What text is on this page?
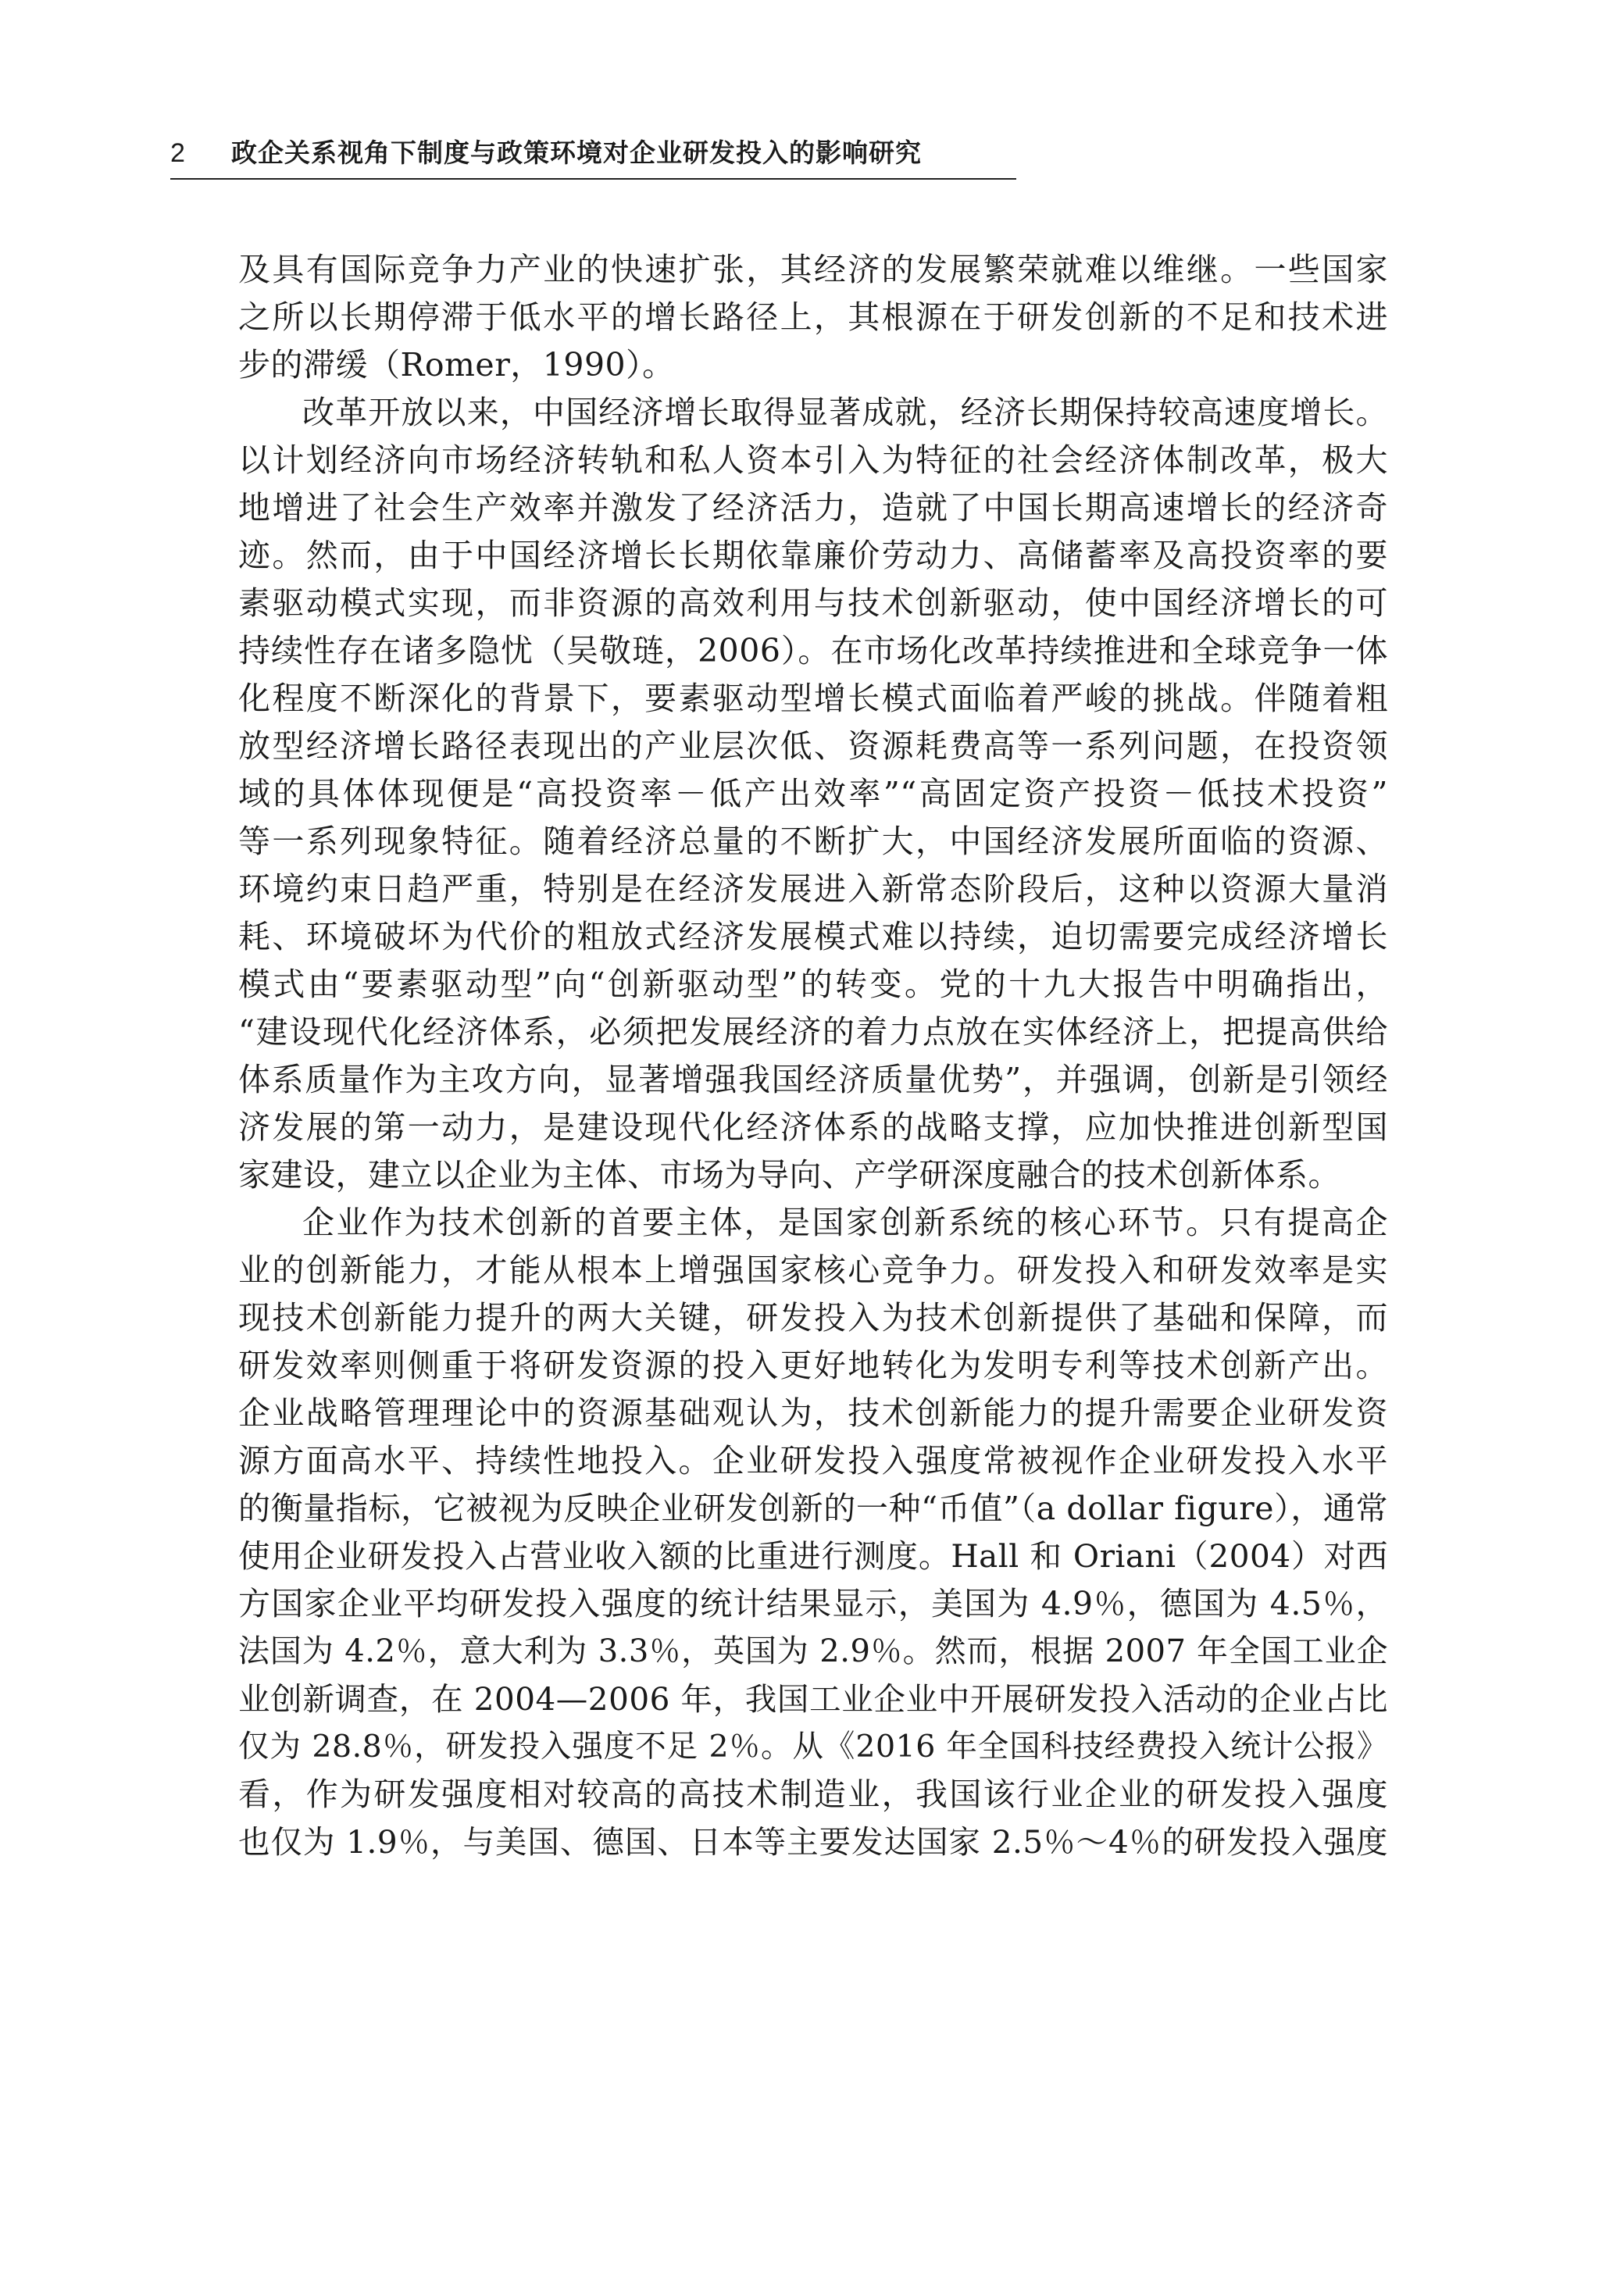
2 政企关系视角下制度与政策环境对企业研发投入的影响研究
及具有国际竞争力产业的快速扩张，其经济的发展繁荣就难以维继。一些国家
之所以长期停滞于低水平的增长路径上，其根源在于研发创新的不足和技术进
步的滞缓（Romer，1990）。
改革开放以来，中国经济增长取得显著成就，经济长期保持较高速度增长。
以计划经济向市场经济转轨和私人资本引入为特征的社会经济体制改革，极大
地增进了社会生产效率并激发了经济活力，造就了中国长期高速增长的经济奇
迹。然而，由于中国经济增长长期依靠廉价劳动力、高储蓄率及高投资率的要
素驱动模式实现，而非资源的高效利用与技术创新驱动，使中国经济增长的可
持续性存在诸多隐忧（吴敬琏，2006）。在市场化改革持续推进和全球竞争一体
化程度不断深化的背景下，要素驱动型增长模式面临着严峻的挑战。伴随着粗
放型经济增长路径表现出的产业层次低、资源耗费高等一系列问题，在投资领
域的具体体现便是“高投资率－低产出效率”“高固定资产投资－低技术投资”
等一系列现象特征。随着经济总量的不断扩大，中国经济发展所面临的资源、
环境约束日趋严重，特别是在经济发展进入新常态阶段后，这种以资源大量消
耗、环境破坏为代价的粗放式经济发展模式难以持续，迫切需要完成经济增长
模式由“要素驱动型”向“创新驱动型”的转变。党的十九大报告中明确指出，
“建设现代化经济体系，必须把发展经济的着力点放在实体经济上，把提高供给
体系质量作为主攻方向，显著增强我国经济质量优势”，并强调，创新是引领经
济发展的第一动力，是建设现代化经济体系的战略支撑，应加快推进创新型国
家建设，建立以企业为主体、市场为导向、产学研深度融合的技术创新体系。
企业作为技术创新的首要主体，是国家创新系统的核心环节。只有提高企
业的创新能力，才能从根本上增强国家核心竞争力。研发投入和研发效率是实
现技术创新能力提升的两大关键，研发投入为技术创新提供了基础和保障，而
研发效率则侧重于将研发资源的投入更好地转化为发明专利等技术创新产出。
企业战略管理理论中的资源基础观认为，技术创新能力的提升需要企业研发资
源方面高水平、持续性地投入。企业研发投入强度常被视作企业研发投入水平
的衡量指标，它被视为反映企业研发创新的一种“币值”（a dollar figure），通常
使用企业研发投入占营业收入额的比重进行测度。Hall 和 Oriani（2004）对西
方国家企业平均研发投入强度的统计结果显示，美国为 4.9％，德国为 4.5％，
法国为 4.2％，意大利为 3.3％，英国为 2.9％。然而，根据 2007 年全国工业企
业创新调查，在 2004—2006 年，我国工业企业中开展研发投入活动的企业占比
仅为 28.8％，研发投入强度不足 2％。从《2016 年全国科技经费投入统计公报》
看，作为研发强度相对较高的高技术制造业，我国该行业企业的研发投入强度
也仅为 1.9％，与美国、德国、日本等主要发达国家 2.5％～4％的研发投入强度
